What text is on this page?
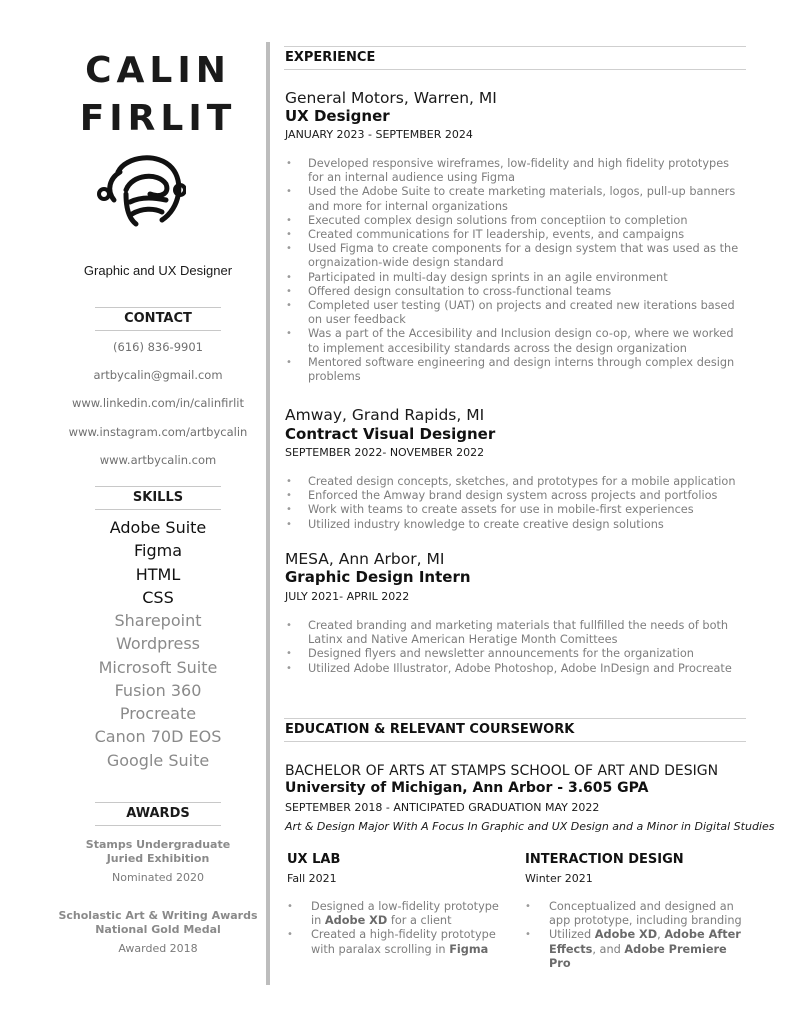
CALIN
FIRLIT
Graphic and UX Designer
CONTACT
(616) 836-9901
artbycalin@gmail.com
www.linkedin.com/in/calinfirlit
www.instagram.com/artbycalin
www.artbycalin.com
SKILLS
Adobe Suite
Figma
HTML
CSS
Sharepoint
Wordpress
Microsoft Suite
Fusion 360
Procreate
Canon 70D EOS
Google Suite
AWARDS
Stamps Undergraduate
Juried Exhibition
Nominated 2020
Scholastic Art & Writing Awards
National Gold Medal
Awarded 2018
EXPERIENCE
General Motors, Warren, MI
UX Designer
JANUARY 2023 - SEPTEMBER 2024
• Developed responsive wireframes, low-fidelity and high fidelity prototypes for an internal audience using Figma
• Used the Adobe Suite to create marketing materials, logos, pull-up banners and more for internal organizations
• Executed complex design solutions from conceptiion to completion
• Created communications for IT leadership, events, and campaigns
• Used Figma to create components for a design system that was used as the orgnaization-wide design standard
• Participated in multi-day design sprints in an agile environment
• Offered design consultation to cross-functional teams
• Completed user testing (UAT) on projects and created new iterations based on user feedback
• Was a part of the Accesibility and Inclusion design co-op, where we worked to implement accesibility standards across the design organization
• Mentored software engineering and design interns through complex design problems
Amway, Grand Rapids, MI
Contract Visual Designer
SEPTEMBER 2022- NOVEMBER 2022
• Created design concepts, sketches, and prototypes for a mobile application
• Enforced the Amway brand design system across projects and portfolios
• Work with teams to create assets for use in mobile-first experiences
• Utilized industry knowledge to create creative design solutions
MESA, Ann Arbor, MI
Graphic Design Intern
JULY 2021- APRIL 2022
• Created branding and marketing materials that fullfilled the needs of both Latinx and Native American Heratige Month Comittees
• Designed flyers and newsletter announcements for the organization
• Utilized Adobe Illustrator, Adobe Photoshop, Adobe InDesign and Procreate
EDUCATION & RELEVANT COURSEWORK
BACHELOR OF ARTS AT STAMPS SCHOOL OF ART AND DESIGN
University of Michigan, Ann Arbor - 3.605 GPA
SEPTEMBER 2018 - ANTICIPATED GRADUATION MAY 2022
Art & Design Major With A Focus In Graphic and UX Design and a Minor in Digital Studies
UX LAB
Fall 2021
• Designed a low-fidelity prototype in Adobe XD for a client
• Created a high-fidelity prototype with paralax scrolling in Figma
INTERACTION DESIGN
Winter 2021
• Conceptualized and designed an app prototype, including branding
• Utilized Adobe XD, Adobe After Effects, and Adobe Premiere Pro
